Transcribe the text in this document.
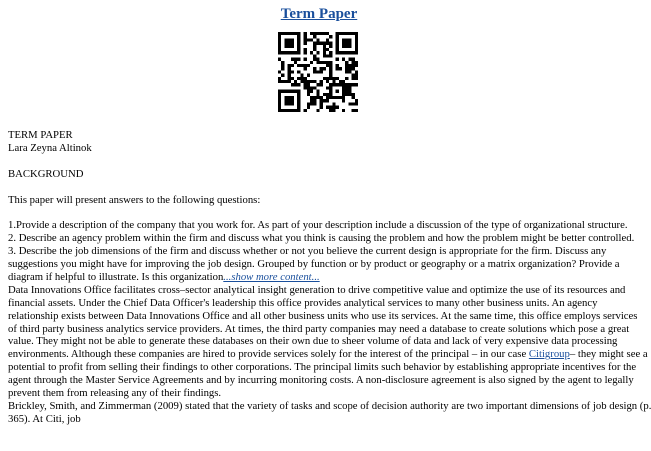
Term Paper
TERM PAPER
Lara Zeyna Altinok
BACKGROUND
This paper will present answers to the following questions:
1.Provide a description of the company that you work for. As part of your description include a discussion of the type of organizational structure.
2. Describe an agency problem within the firm and discuss what you think is causing the problem and how the problem might be better controlled.
3. Describe the job dimensions of the firm and discuss whether or not you believe the current design is appropriate for the firm. Discuss any
suggestions you might have for improving the job design. Grouped by function or by product or geography or a matrix organization? Provide a
diagram if helpful to illustrate. Is this organization...show more content...
Data Innovations Office facilitates cross–sector analytical insight generation to drive competitive value and optimize the use of its resources and
financial assets. Under the Chief Data Officer's leadership this office provides analytical services to many other business units. An agency
relationship exists between Data Innovations Office and all other business units who use its services. At the same time, this office employs services
of third party business analytics service providers. At times, the third party companies may need a database to create solutions which pose a great
value. They might not be able to generate these databases on their own due to sheer volume of data and lack of very expensive data processing
environments. Although these companies are hired to provide services solely for the interest of the principal – in our case Citigroup– they might see a
potential to profit from selling their findings to other corporations. The principal limits such behavior by establishing appropriate incentives for the
agent through the Master Service Agreements and by incurring monitoring costs. A non-disclosure agreement is also signed by the agent to legally
prevent them from releasing any of their findings.
Brickley, Smith, and Zimmerman (2009) stated that the variety of tasks and scope of decision authority are two important dimensions of job design (p.
365). At Citi, job
